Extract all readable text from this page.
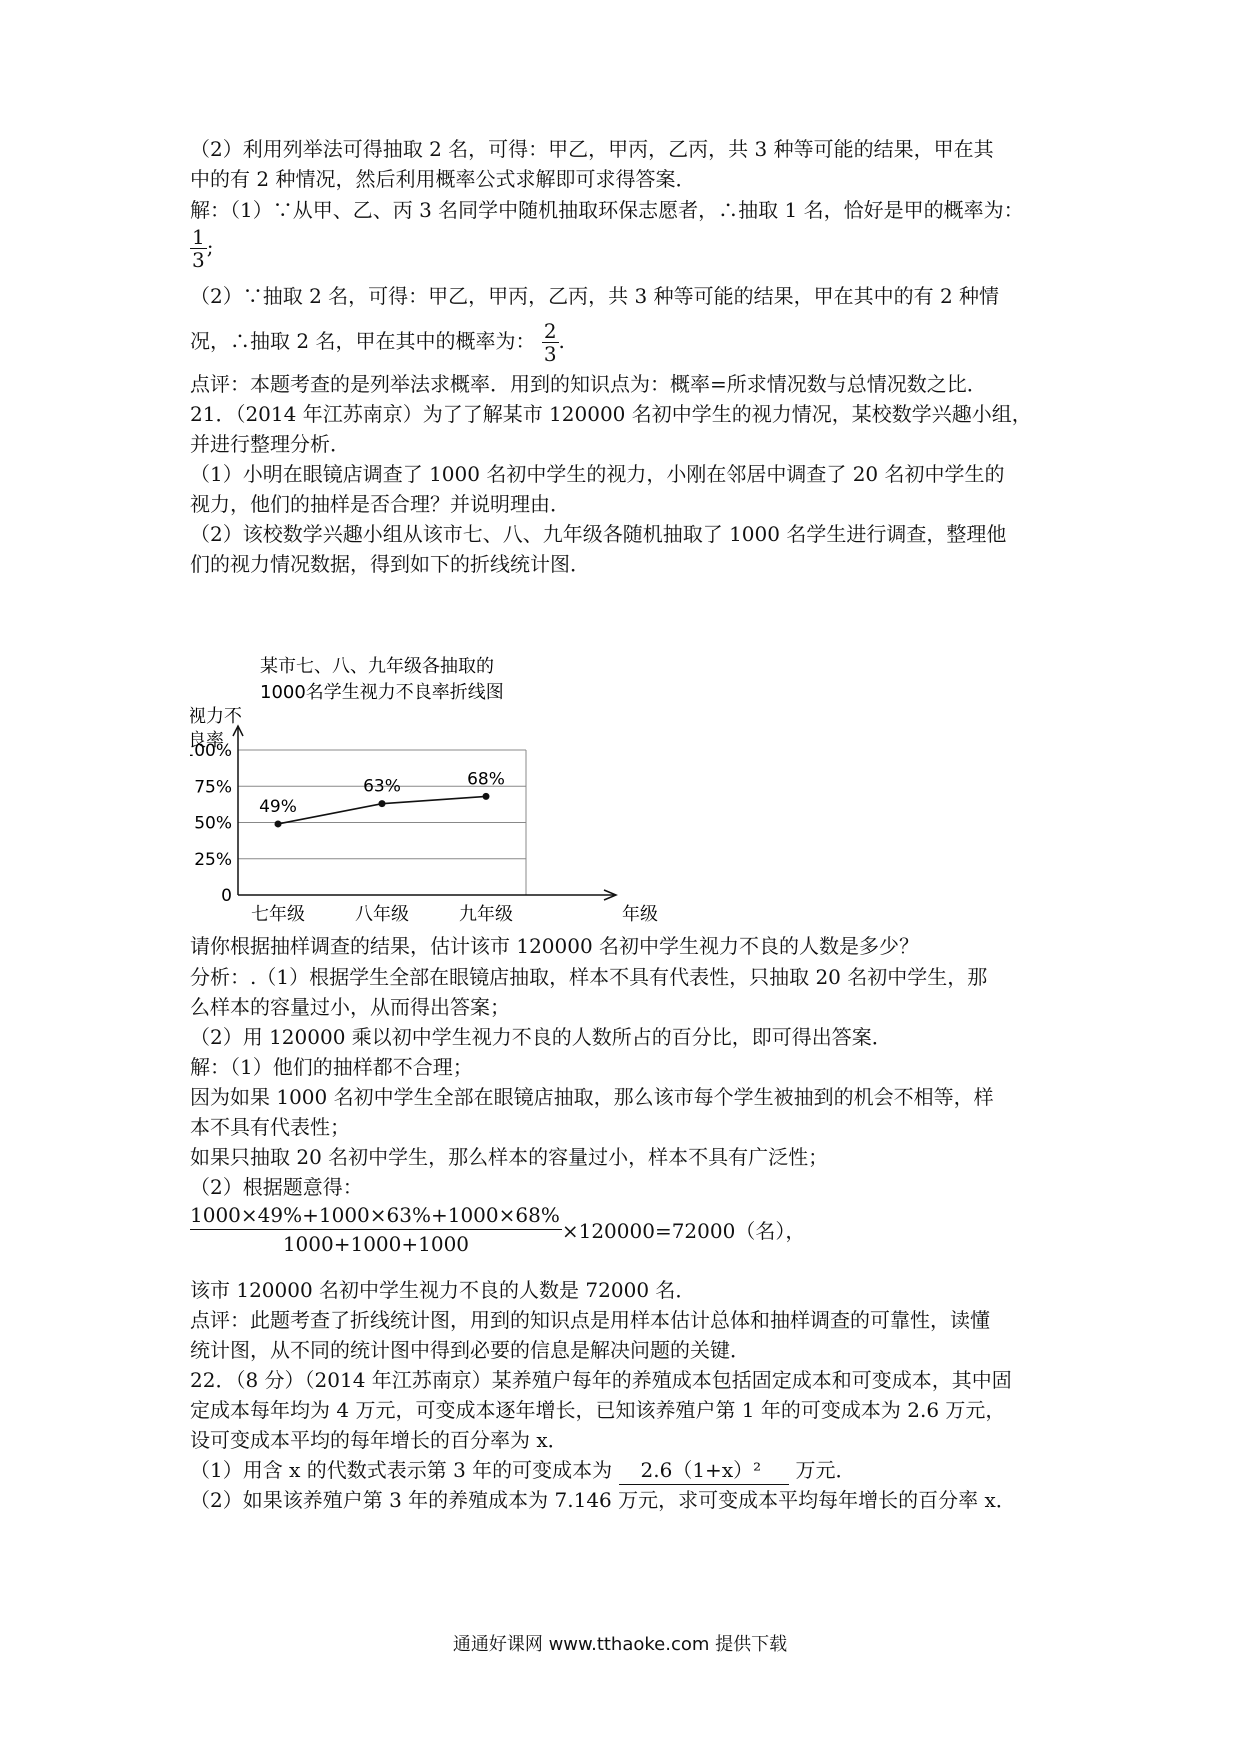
（2）利用列举法可得抽取 2 名，可得：甲乙，甲丙，乙丙，共 3 种等可能的结果，甲在其
中的有 2 种情况，然后利用概率公式求解即可求得答案．
解：（1）∵从甲、乙、丙 3 名同学中随机抽取环保志愿者，∴抽取 1 名，恰好是甲的概率为：
$\frac{1}{3}$ ;
（2）∵抽取 2 名，可得：甲乙，甲丙，乙丙，共 3 种等可能的结果，甲在其中的有 2 种情
况，∴抽取 2 名，甲在其中的概率为： $\frac{2}{3}$ .
点评：本题考查的是列举法求概率．用到的知识点为：概率=所求情况数与总情况数之比．
21．（2014 年江苏南京）为了了解某市 120000 名初中学生的视力情况，某校数学兴趣小组，
并进行整理分析．
（1）小明在眼镜店调查了 1000 名初中学生的视力，小刚在邻居中调查了 20 名初中学生的
视力，他们的抽样是否合理？并说明理由．
（2）该校数学兴趣小组从该市七、八、九年级各随机抽取了 1000 名学生进行调查，整理他
们的视力情况数据，得到如下的折线统计图．
某市七、八、九年级各抽取的
1000名学生视力不良率折线图
视力不
良率
年级
0
25%
50%
75%
00%
七年级	八年级	九年级
49%
63%	68%
请你根据抽样调查的结果，估计该市 120000 名初中学生视力不良的人数是多少？
分析：.（1）根据学生全部在眼镜店抽取，样本不具有代表性，只抽取 20 名初中学生，那
么样本的容量过小，从而得出答案；
（2）用 120000 乘以初中学生视力不良的人数所占的百分比，即可得出答案．
解：（1）他们的抽样都不合理；
因为如果 1000 名初中学生全部在眼镜店抽取，那么该市每个学生被抽到的机会不相等，样
本不具有代表性；
如果只抽取 20 名初中学生，那么样本的容量过小，样本不具有广泛性；
（2）根据题意得：
$\frac{1000\times 49\%+1000\times 63\%+1000\times 68\%}{1000+1000+1000} \times 120000=72000$（名），
该市 120000 名初中学生视力不良的人数是 72000 名．
点评：此题考查了折线统计图，用到的知识点是用样本估计总体和抽样调查的可靠性，读懂
统计图，从不同的统计图中得到必要的信息是解决问题的关键．
22．（8 分）（2014 年江苏南京）某养殖户每年的养殖成本包括固定成本和可变成本，其中固
定成本每年均为 4 万元，可变成本逐年增长，已知该养殖户第 1 年的可变成本为 2.6 万元，
设可变成本平均的每年增长的百分率为 x．
（1）用含 x 的代数式表示第 3 年的可变成本为 2.6（1+x）² 万元．
（2）如果该养殖户第 3 年的养殖成本为 7.146 万元，求可变成本平均每年增长的百分率 x．
通通好课网 www.tthaoke.com 提供下载
